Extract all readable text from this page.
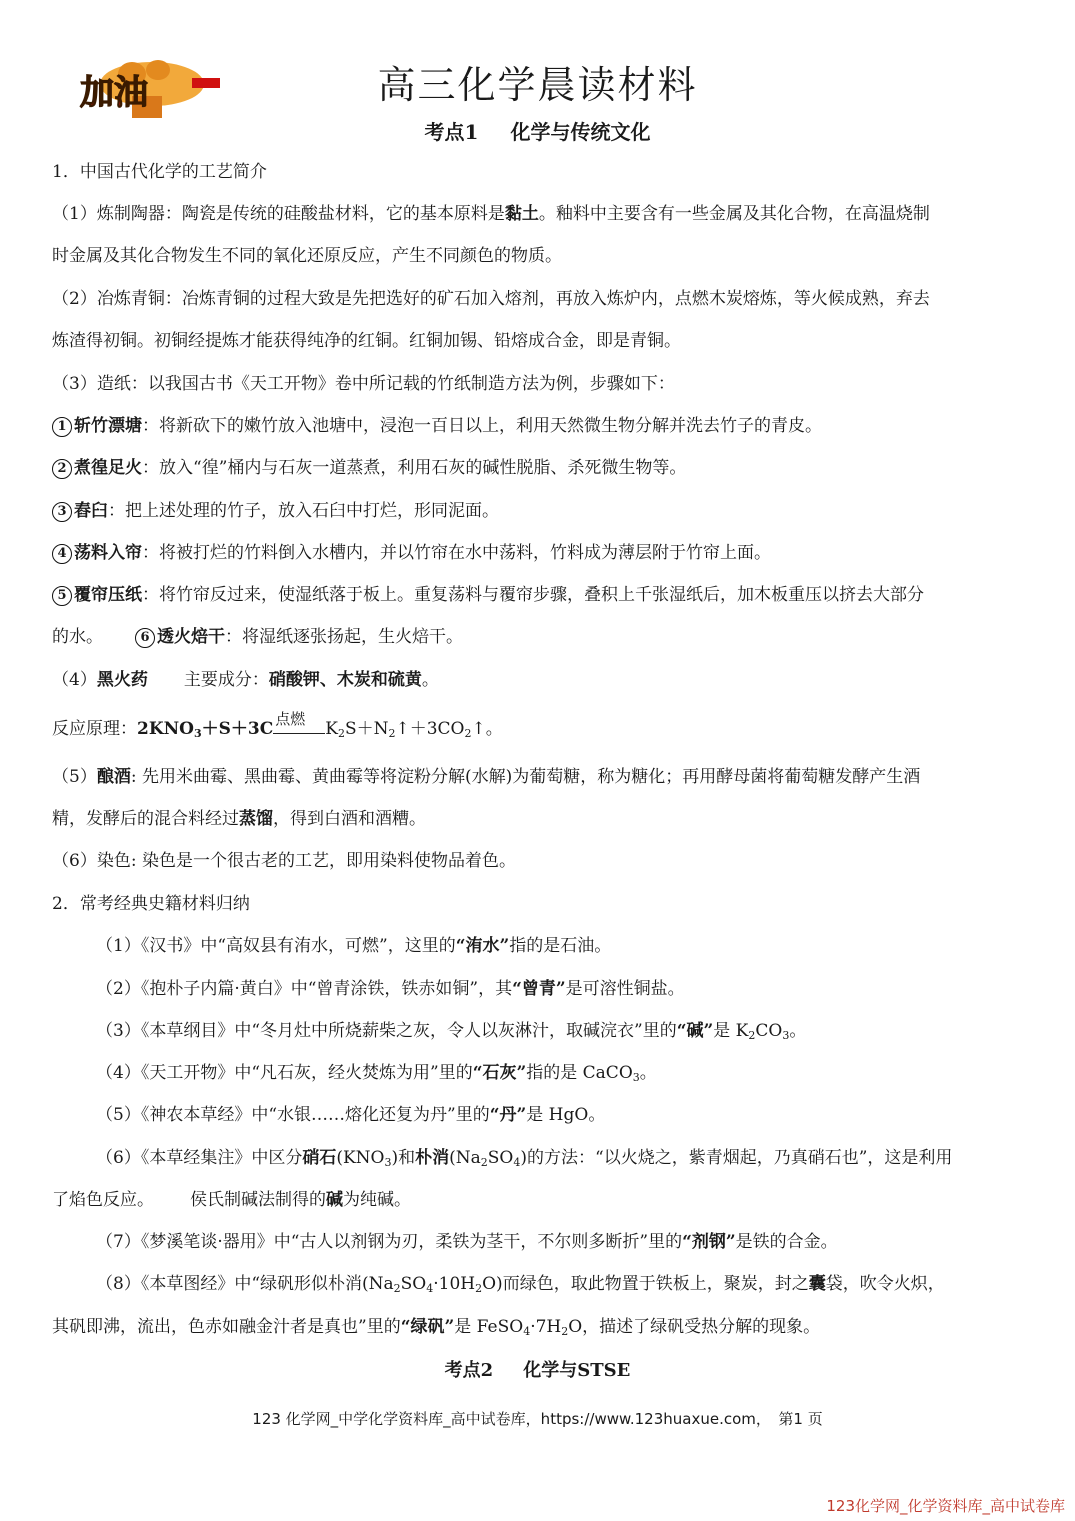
加油	高三化学晨读材料
考点1 化学与传统文化
1．中国古代化学的工艺简介
（1）炼制陶器：陶瓷是传统的硅酸盐材料，它的基本原料是黏土。釉料中主要含有一些金属及其化合物，在高温烧制
时金属及其化合物发生不同的氧化还原反应，产生不同颜色的物质。
（2）冶炼青铜：冶炼青铜的过程大致是先把选好的矿石加入熔剂，再放入炼炉内，点燃木炭熔炼，等火候成熟，弃去
炼渣得初铜。初铜经提炼才能获得纯净的红铜。红铜加锡、铅熔成合金，即是青铜。
（3）造纸：以我国古书《天工开物》卷中所记载的竹纸制造方法为例，步骤如下：
1 斩竹漂塘：将新砍下的嫩竹放入池塘中，浸泡一百日以上，利用天然微生物分解并洗去竹子的青皮。
2 煮徨足火：放入“徨”桶内与石灰一道蒸煮，利用石灰的碱性脱脂、杀死微生物等。
3 舂臼：把上述处理的竹子，放入石臼中打烂，形同泥面。
4 荡料入帘：将被打烂的竹料倒入水槽内，并以竹帘在水中荡料，竹料成为薄层附于竹帘上面。
5 覆帘压纸：将竹帘反过来，使湿纸落于板上。重复荡料与覆帘步骤，叠积上千张湿纸后，加木板重压以挤去大部分
的水。	6 透火焙干：将湿纸逐张扬起，生火焙干。
（4）黑火药 主要成分：硝酸钾、木炭和硫黄。
反应原理：$2KNO_3+S+3C$ 点燃 $K_2S+N_2↑+3CO_2↑$。
（5）酿酒: 先用米曲霉、黑曲霉、黄曲霉等将淀粉分解(水解)为葡萄糖，称为糖化；再用酵母菌将葡萄糖发酵产生酒
精，发酵后的混合料经过蒸馏，得到白酒和酒糟。
（6）染色: 染色是一个很古老的工艺，即用染料使物品着色。
2．常考经典史籍材料归纳
（1）《汉书》中“高奴县有洧水，可燃”，这里的“洧水”指的是石油。
（2）《抱朴子内篇·黄白》中“曾青涂铁，铁赤如铜”，其“曾青”是可溶性铜盐。
（3）《本草纲目》中“冬月灶中所烧薪柴之灰，令人以灰淋汁，取碱浣衣”里的“碱”是 $K_2CO_3$。
（4）《天工开物》中“凡石灰，经火焚炼为用”里的“石灰”指的是 CaCO$_3$。
（5）《神农本草经》中“水银……熔化还复为丹”里的“丹”是 HgO。
（6）《本草经集注》中区分硝石$(KNO_3)$和朴消$(Na_2SO_4)$的方法：“以火烧之，紫青烟起，乃真硝石也”，这是利用
了焰色反应。 侯氏制碱法制得的碱为纯碱。
（7）《梦溪笔谈·器用》中“古人以剂钢为刃，柔铁为茎干，不尔则多断折”里的“剂钢”是铁的合金。
（8）《本草图经》中“绿矾形似朴消$(Na_2SO_4\cdot 10H_2O)$而绿色，取此物置于铁板上，聚炭，封之囊袋，吹令火炽，
其矾即沸，流出，色赤如融金汁者是真也”里的“绿矾”是 $FeSO_4\cdot 7H_2O$，描述了绿矾受热分解的现象。
考点2 化学与STSE
123 化学网_中学化学资料库_高中试卷库，https://www.123huaxue.com，　第1 页
123化学网_化学资料库_高中试卷库
